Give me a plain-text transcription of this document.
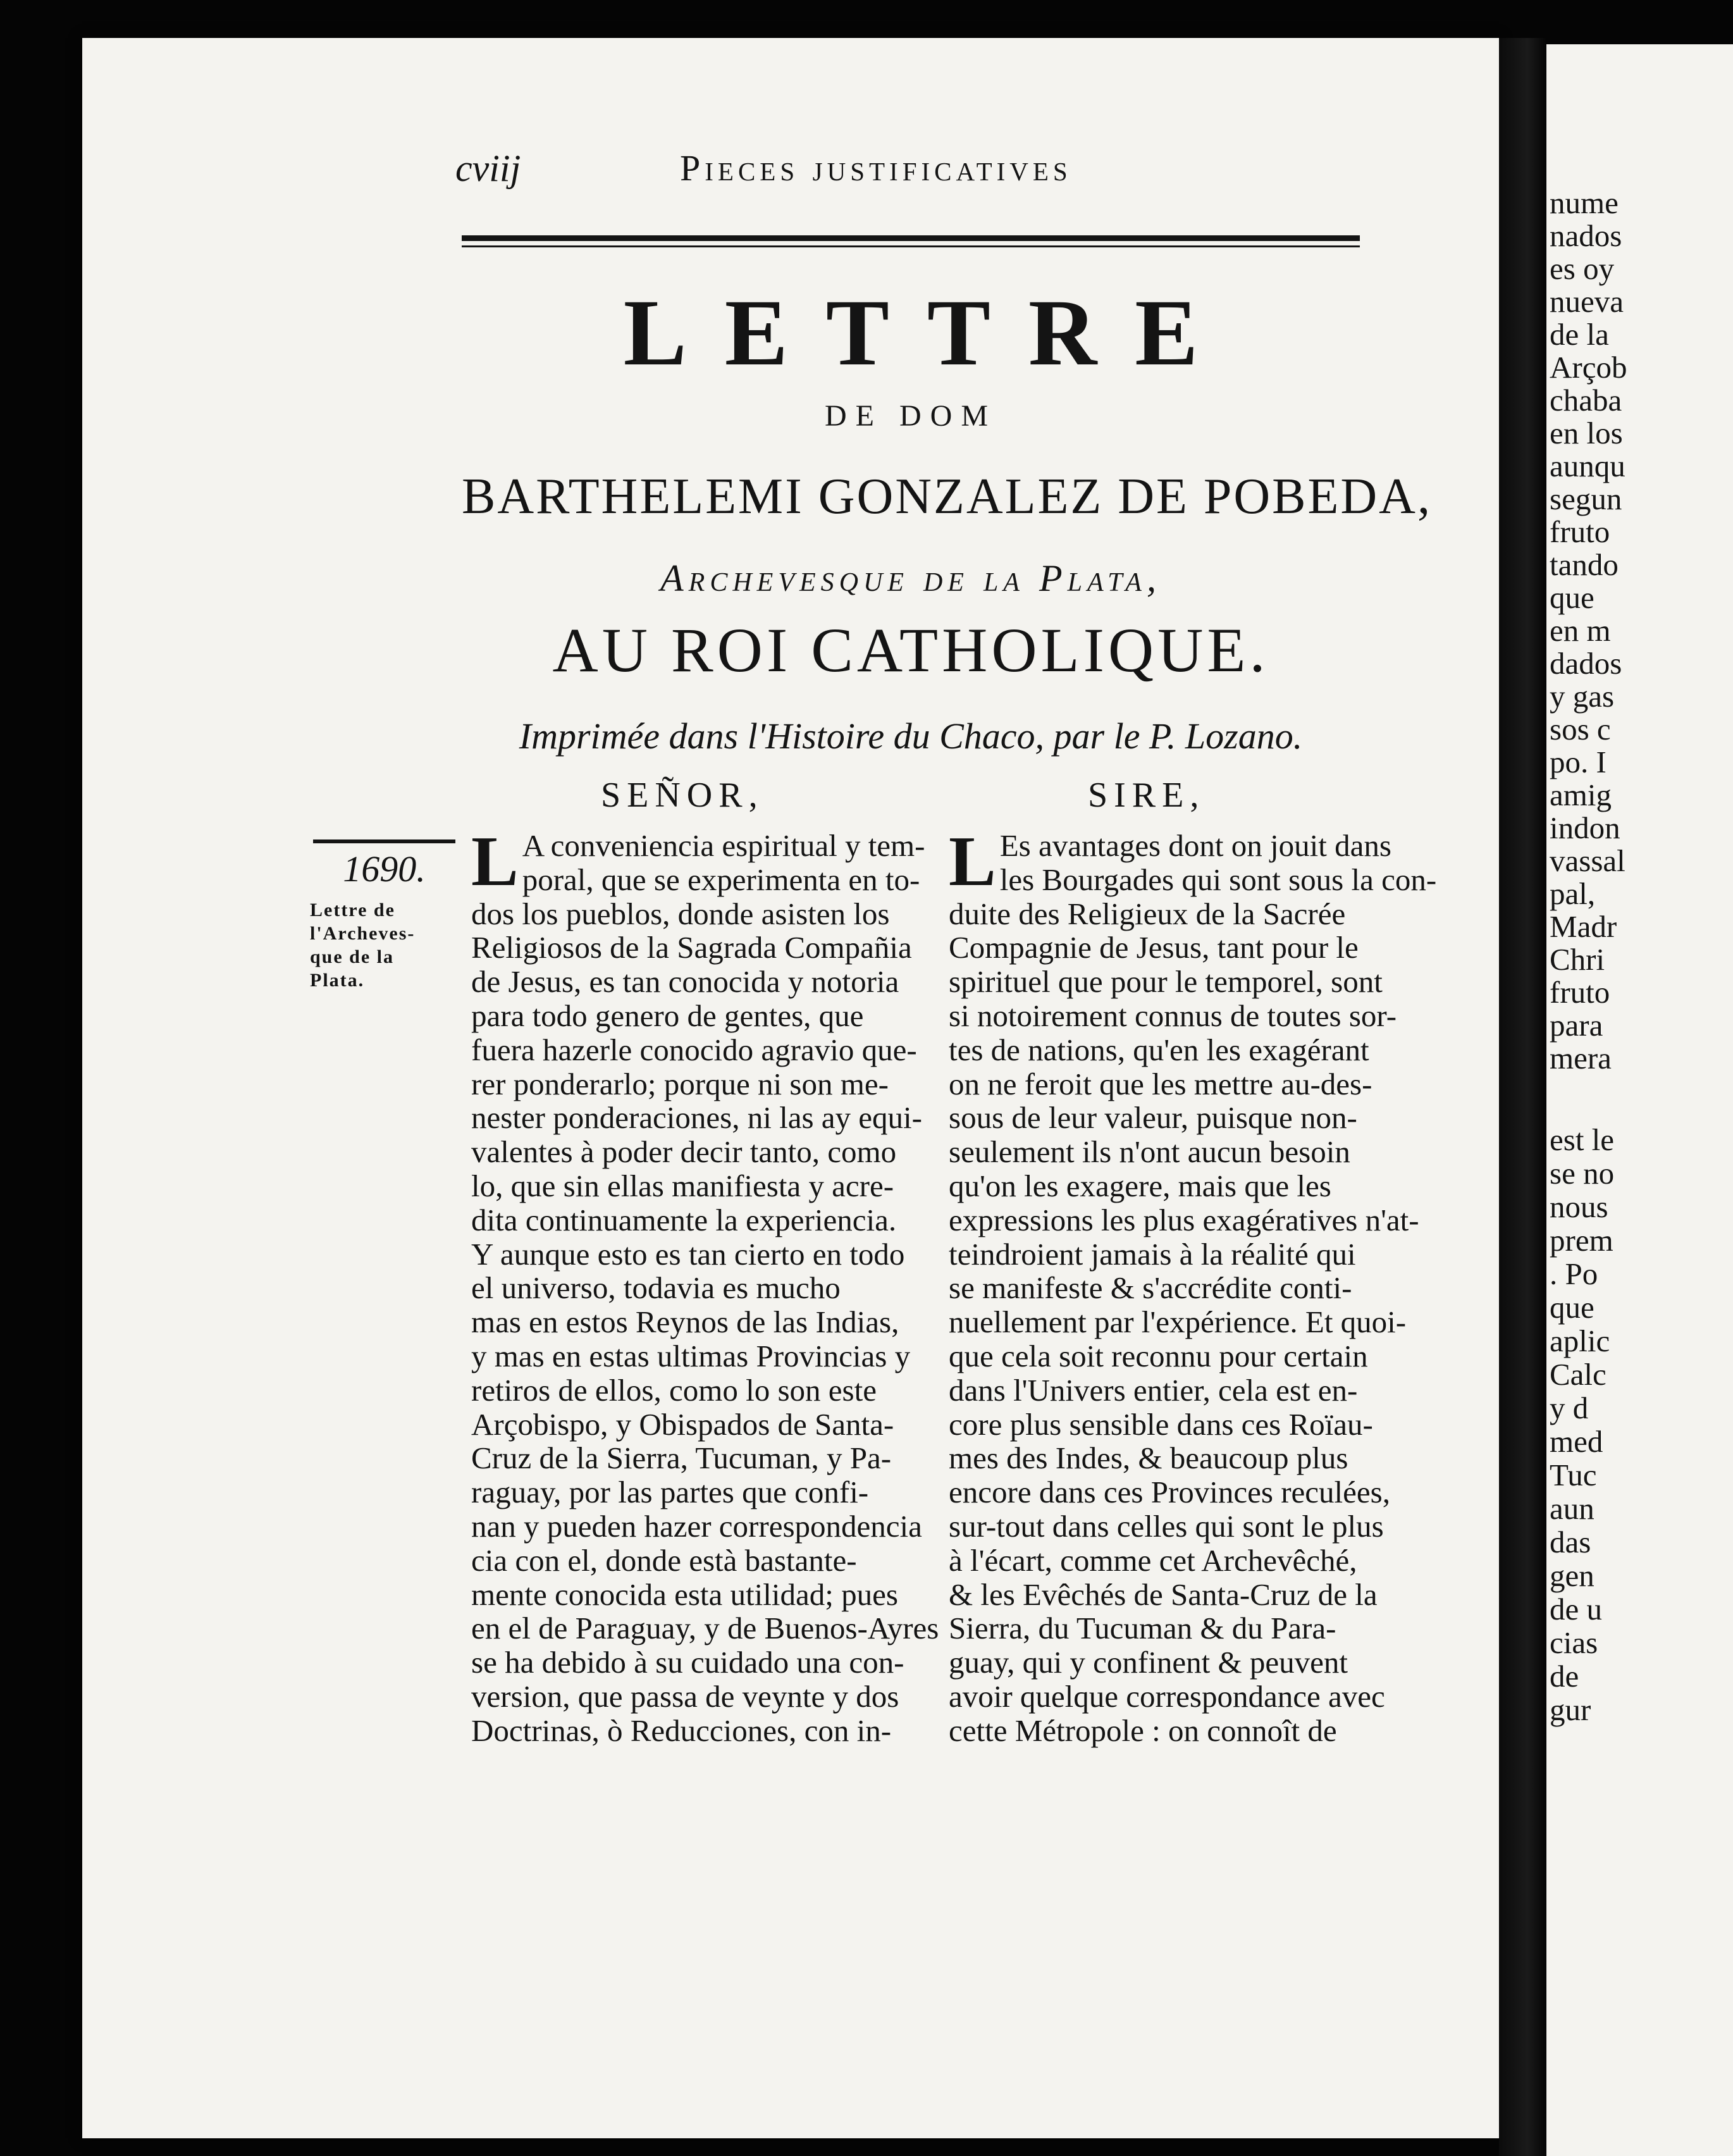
cviij	Pieces justificatives
LETTRE
DE DOM
BARTHELEMI GONZALEZ DE POBEDA,
Archevesque de la Plata,
AU ROI CATHOLIQUE.
Imprimée dans l'Histoire du Chaco, par le P. Lozano.
SEÑOR,	SIRE,
1690.
Lettre de
l'Archeves-
que de la
Plata.
L A conveniencia espiritual y tem-
poral, que se experimenta en to-
dos los pueblos, donde asisten los
Religiosos de la Sagrada Compañia
de Jesus, es tan conocida y notoria
para todo genero de gentes, que
fuera hazerle conocido agravio que-
rer ponderarlo; porque ni son me-
nester ponderaciones, ni las ay equi-
valentes à poder decir tanto, como
lo, que sin ellas manifiesta y acre-
dita continuamente la experiencia.
Y aunque esto es tan cierto en todo
el universo, todavia es mucho
mas en estos Reynos de las Indias,
y mas en estas ultimas Provincias y
retiros de ellos, como lo son este
Arçobispo, y Obispados de Santa-
Cruz de la Sierra, Tucuman, y Pa-
raguay, por las partes que confi-
nan y pueden hazer correspondencia
cia con el, donde està bastante-
mente conocida esta utilidad; pues
en el de Paraguay, y de Buenos-Ayres
se ha debido à su cuidado una con-
version, que passa de veynte y dos
Doctrinas, ò Reducciones, con in-
L Es avantages dont on jouit dans
les Bourgades qui sont sous la con-
duite des Religieux de la Sacrée
Compagnie de Jesus, tant pour le
spirituel que pour le temporel, sont
si notoirement connus de toutes sor-
tes de nations, qu'en les exagérant
on ne feroit que les mettre au-des-
sous de leur valeur, puisque non-
seulement ils n'ont aucun besoin
qu'on les exagere, mais que les
expressions les plus exagératives n'at-
teindroient jamais à la réalité qui
se manifeste & s'accrédite conti-
nuellement par l'expérience. Et quoi-
que cela soit reconnu pour certain
dans l'Univers entier, cela est en-
core plus sensible dans ces Roïau-
mes des Indes, & beaucoup plus
encore dans ces Provinces reculées,
sur-tout dans celles qui sont le plus
à l'écart, comme cet Archevêché,
& les Evêchés de Santa-Cruz de la
Sierra, du Tucuman & du Para-
guay, qui y confinent & peuvent
avoir quelque correspondance avec
cette Métropole : on connoît de
nume
nados
es oy
nueva
de la
Arçob
chaba
en los
aunqu
segun
fruto
tando
que
en m
dados
y gas
sos c
po. I
amig
indon
vassal
pal,
Madr
Chri
fruto
para
mera
est le
se no
nous
prem
. Po
que
aplic
Calc
y d
med
Tuc
aun
das
gen
de u
cias
de
gur
